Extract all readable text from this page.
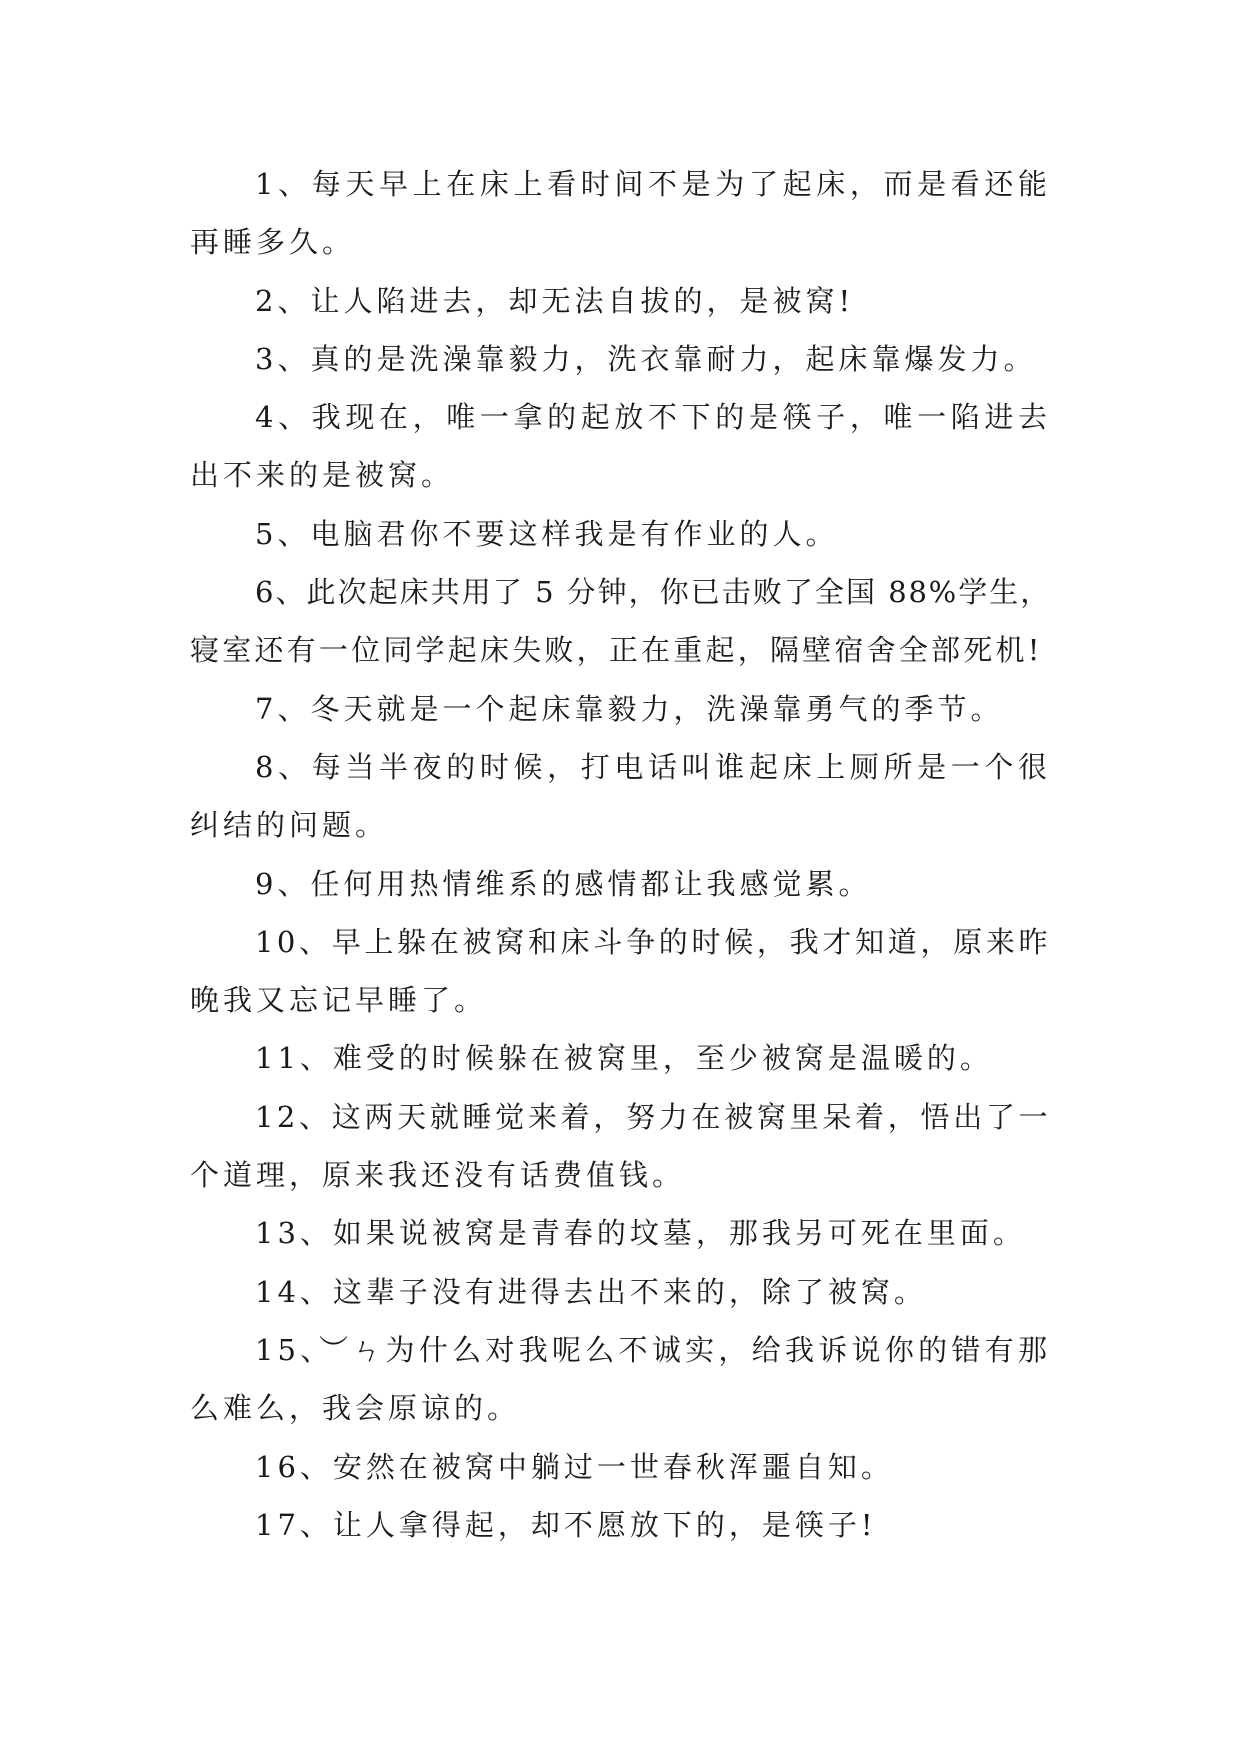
1、每天早上在床上看时间不是为了起床，而是看还能
再睡多久。
2、让人陷进去，却无法自拔的，是被窝!
3、真的是洗澡靠毅力，洗衣靠耐力，起床靠爆发力。
4、我现在，唯一拿的起放不下的是筷子，唯一陷进去
出不来的是被窝。
5、电脑君你不要这样我是有作业的人。
6、此次起床共用了 5 分钟，你已击败了全国 88%学生，
寝室还有一位同学起床失败，正在重起，隔壁宿舍全部死机!
7、冬天就是一个起床靠毅力，洗澡靠勇气的季节。
8、每当半夜的时候，打电话叫谁起床上厕所是一个很
纠结的问题。
9、任何用热情维系的感情都让我感觉累。
10、早上躲在被窝和床斗争的时候，我才知道，原来昨
晚我又忘记早睡了。
11、难受的时候躲在被窝里，至少被窝是温暖的。
12、这两天就睡觉来着，努力在被窝里呆着，悟出了一
个道理，原来我还没有话费值钱。
13、如果说被窝是青春的坟墓，那我另可死在里面。
14、这辈子没有进得去出不来的，除了被窝。
15、︶ㄣ为什么对我呢么不诚实，给我诉说你的错有那
么难么，我会原谅的。
16、安然在被窝中躺过一世春秋浑噩自知。
17、让人拿得起，却不愿放下的，是筷子!
